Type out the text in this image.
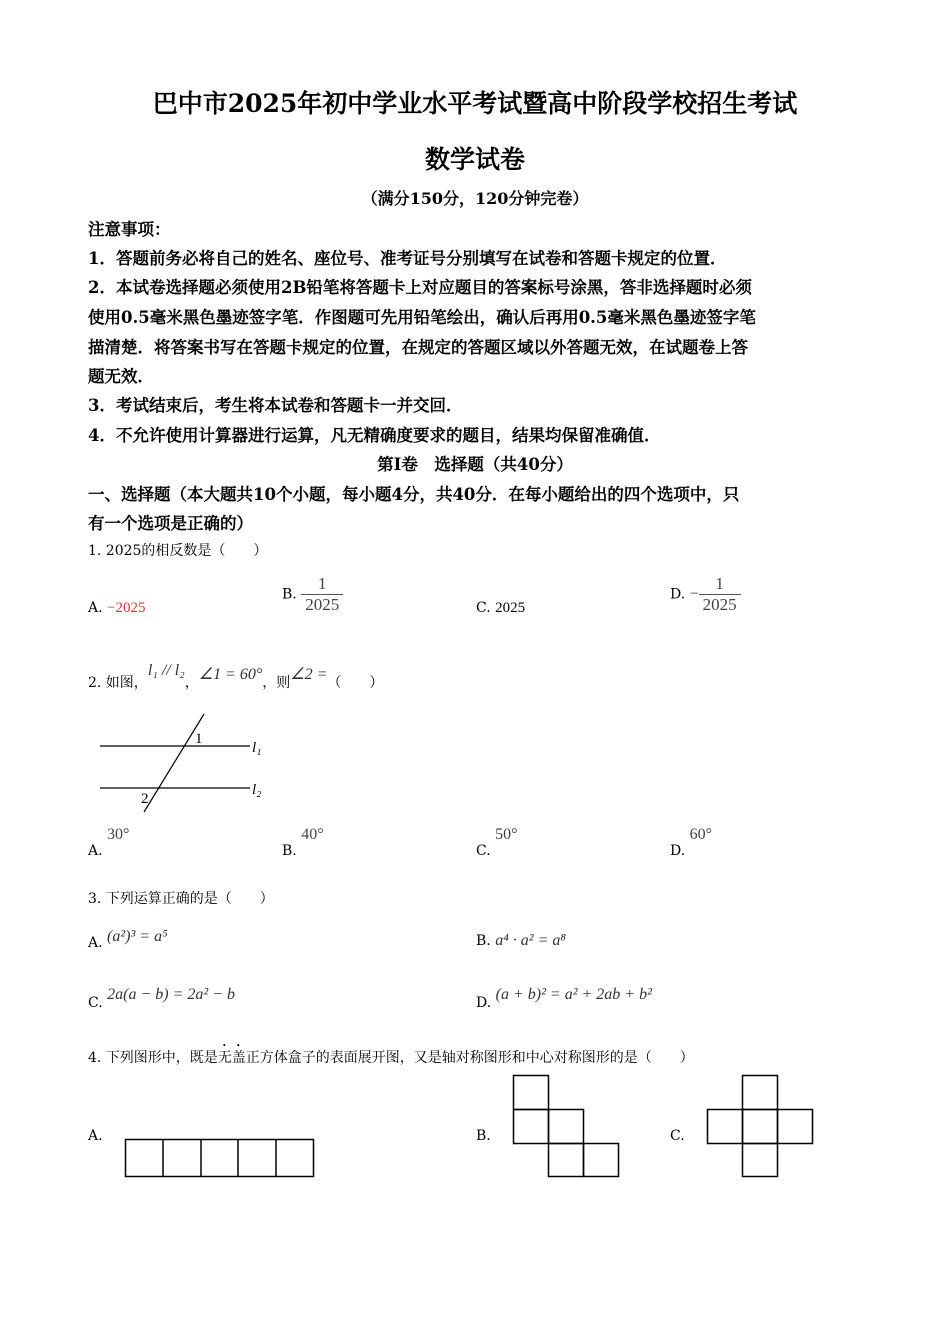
巴中市2025年初中学业水平考试暨高中阶段学校招生考试
数学试卷
（满分150分，120分钟完卷）
注意事项：
1．答题前务必将自己的姓名、座位号、准考证号分别填写在试卷和答题卡规定的位置．
2．本试卷选择题必须使用2B铅笔将答题卡上对应题目的答案标号涂黑，答非选择题时必须
使用0.5毫米黑色墨迹签字笔．作图题可先用铅笔绘出，确认后再用0.5毫米黑色墨迹签字笔
描清楚．将答案书写在答题卡规定的位置，在规定的答题区域以外答题无效，在试题卷上答
题无效．
3．考试结束后，考生将本试卷和答题卡一并交回．
4．不允许使用计算器进行运算，凡无精确度要求的题目，结果均保留准确值．
第Ⅰ卷　选择题（共40分）
一、选择题（本大题共10个小题，每小题4分，共40分．在每小题给出的四个选项中，只
有一个选项是正确的）
1. 2025的相反数是（　　）
A. −2025
B. $\frac{1}{2025}$	C. 2025
D. − $\frac{1}{2025}$
2. 如图，l₁ // l₂，∠1 = 60°，则∠2 =（　　）
1
2
l₁
l₂
A. 30°
B. 40°
C. 50°
D. 60°
3. 下列运算正确的是（　　）
A. (a²)³ = a⁵	B. a⁴ · a² = a⁸
C. 2a(a − b) = 2a² − b	D. (a + b)² = a² + 2ab + b²
4. 下列图形中，既是无盖正方体盒子的表面展开图，又是轴对称图形和中心对称图形的是（　　）
A.	B.	C.
